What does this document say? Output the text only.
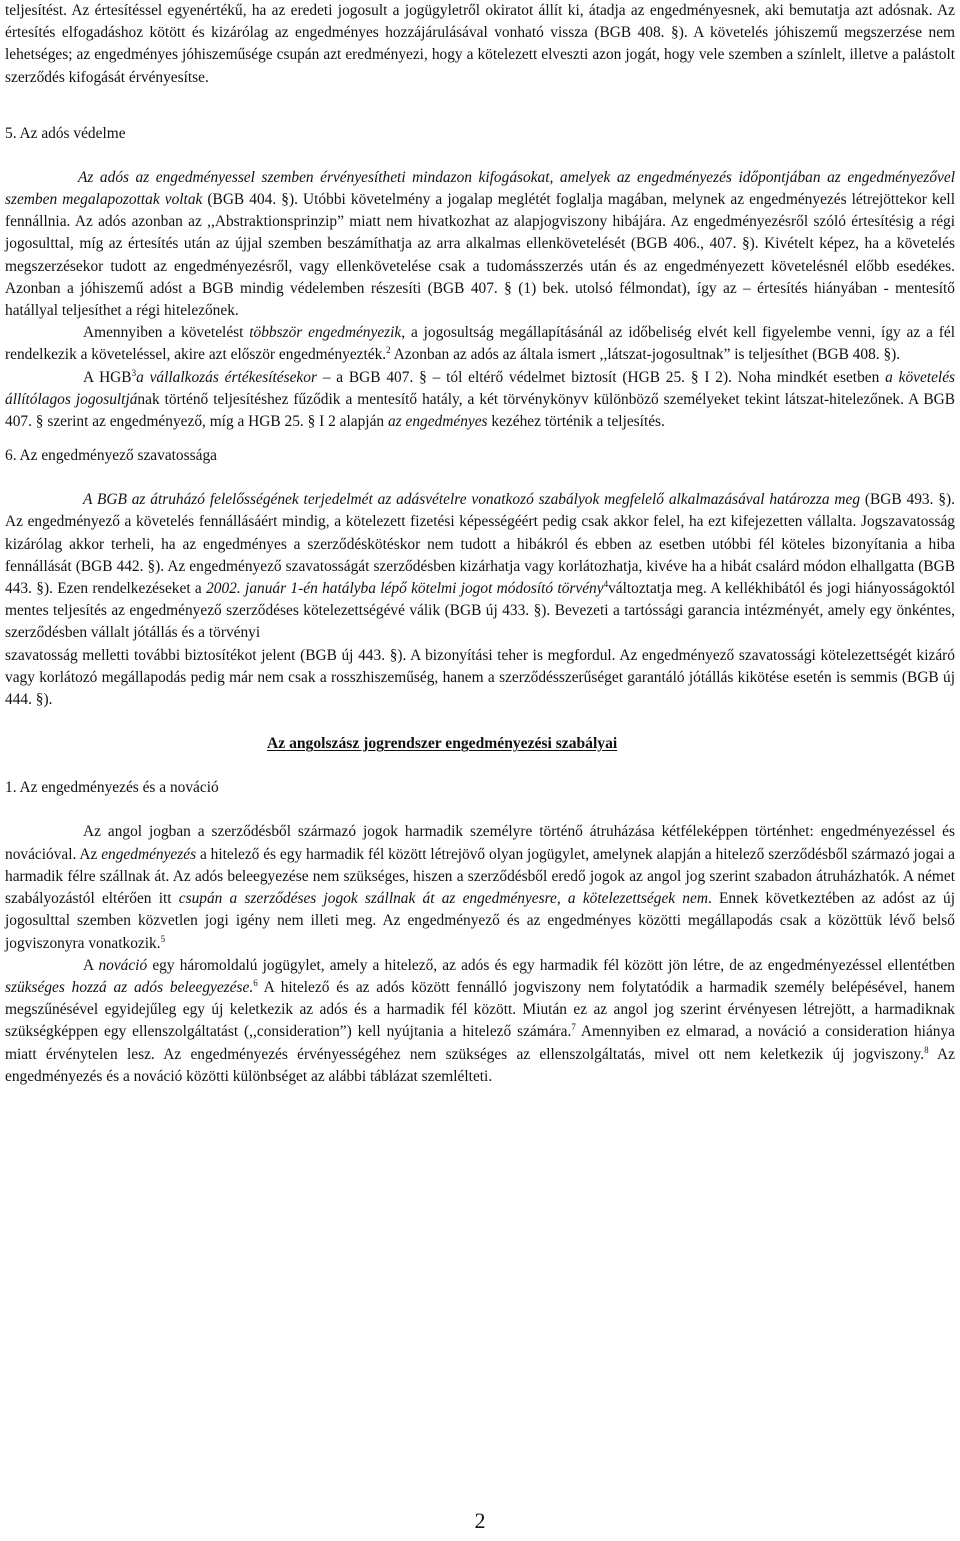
teljesítést. Az értesítéssel egyenértékű, ha az eredeti jogosult a jogügyletről okiratot állít ki, átadja az engedményesnek, aki bemutatja azt adósnak. Az értesítés elfogadáshoz kötött és kizárólag az engedményes hozzájárulásával vonható vissza (BGB 408. §). A követelés jóhiszemű megszerzése nem lehetséges; az engedményes jóhiszeműsége csupán azt eredményezi, hogy a kötelezett elveszti azon jogát, hogy vele szemben a színlelt, illetve a palástolt szerződés kifogását érvényesítse.

5. Az adós védelme

Az adós az engedményessel szemben érvényesítheti mindazon kifogásokat, amelyek az engedményezés időpontjában az engedményezővel szemben megalapozottak voltak (BGB 404. §). Utóbbi követelmény a jogalap meglétét foglalja magában, melynek az engedményezés létrejöttekor kell fennállnia. Az adós azonban az ,,Abstraktionsprinzip” miatt nem hivatkozhat az alapjogviszony hibájára. Az engedményezésről szóló értesítésig a régi jogosulttal, míg az értesítés után az újjal szemben beszámíthatja az arra alkalmas ellenkövetelését (BGB 406., 407. §). Kivételt képez, ha a követelés megszerzésekor tudott az engedményezésről, vagy ellenkövetelése csak a tudomásszerzés után és az engedményezett követelésnél előbb esedékes. Azonban a jóhiszemű adóst a BGB mindig védelemben részesíti (BGB 407. § (1) bek. utolsó félmondat), így az – értesítés hiányában - mentesítő hatállyal teljesíthet a régi hitelezőnek.

Amennyiben a követelést többször engedményezik, a jogosultság megállapításánál az időbeliség elvét kell figyelembe venni, így az a fél rendelkezik a követeléssel, akire azt először engedményezték.$^2$ Azonban az adós az általa ismert ,,látszat-jogosultnak” is teljesíthet (BGB 408. §).

A HGB$^3$a vállalkozás értékesítésekor – a BGB 407. § – tól eltérő védelmet biztosít (HGB 25. § I 2). Noha mindkét esetben a követelés állítólagos jogosultjának történő teljesítéshez fűződik a mentesítő hatály, a két törvénykönyv különböző személyeket tekint látszat-hitelezőnek. A BGB 407. § szerint az engedményező, míg a HGB 25. § I 2 alapján az engedményes kezéhez történik a teljesítés.

6. Az engedményező szavatossága

A BGB az átruházó felelősségének terjedelmét az adásvételre vonatkozó szabályok megfelelő alkalmazásával határozza meg (BGB 493. §). Az engedményező a követelés fennállásáért mindig, a kötelezett fizetési képességéért pedig csak akkor felel, ha ezt kifejezetten vállalta. Jogszavatosság kizárólag akkor terheli, ha az engedményes a szerződéskötéskor nem tudott a hibákról és ebben az esetben utóbbi fél köteles bizonyítania a hiba fennállását (BGB 442. §). Az engedményező szavatosságát szerződésben kizárhatja vagy korlátozhatja, kivéve ha a hibát csalárd módon elhallgatta (BGB 443. §). Ezen rendelkezéseket a 2002. január 1-én hatályba lépő kötelmi jogot módosító törvény$^4$változtatja meg. A kellékhibától és jogi hiányosságoktól mentes teljesítés az engedményező szerződéses kötelezettségévé válik (BGB új 433. §). Bevezeti a tartóssági garancia intézményét, amely egy önkéntes, szerződésben vállalt jótállás és a törvényi

szavatosság melletti további biztosítékot jelent (BGB új 443. §). A bizonyítási teher is megfordul. Az engedményező szavatossági kötelezettségét kizáró vagy korlátozó megállapodás pedig már nem csak a rosszhiszeműség, hanem a szerződésszerűséget garantáló jótállás kikötése esetén is semmis (BGB új 444. §).

Az angolszász jogrendszer engedményezési szabályai

1. Az engedményezés és a nováció

Az angol jogban a szerződésből származó jogok harmadik személyre történő átruházása kétféleképpen történhet: engedményezéssel és novációval. Az engedményezés a hitelező és egy harmadik fél között létrejövő olyan jogügylet, amelynek alapján a hitelező szerződésből származó jogai a harmadik félre szállnak át. Az adós beleegyezése nem szükséges, hiszen a szerződésből eredő jogok az angol jog szerint szabadon átruházhatók. A német szabályozástól eltérően itt csupán a szerződéses jogok szállnak át az engedményesre, a kötelezettségek nem. Ennek következtében az adóst az új jogosulttal szemben közvetlen jogi igény nem illeti meg. Az engedményező és az engedményes közötti megállapodás csak a közöttük lévő belső jogviszonyra vonatkozik.$^5$

A nováció egy háromoldalú jogügylet, amely a hitelező, az adós és egy harmadik fél között jön létre, de az engedményezéssel ellentétben szükséges hozzá az adós beleegyezése.$^6$ A hitelező és az adós között fennálló jogviszony nem folytatódik a harmadik személy belépésével, hanem megszűnésével egyidejűleg egy új keletkezik az adós és a harmadik fél között. Miután ez az angol jog szerint érvényesen létrejött, a harmadiknak szükségképpen egy ellenszolgáltatást (,,consideration”) kell nyújtania a hitelező számára.$^7$ Amennyiben ez elmarad, a nováció a consideration hiánya miatt érvénytelen lesz. Az engedményezés érvényességéhez nem szükséges az ellenszolgáltatás, mivel ott nem keletkezik új jogviszony.$^8$ Az engedményezés és a nováció közötti különbséget az alábbi táblázat szemlélteti.

2
